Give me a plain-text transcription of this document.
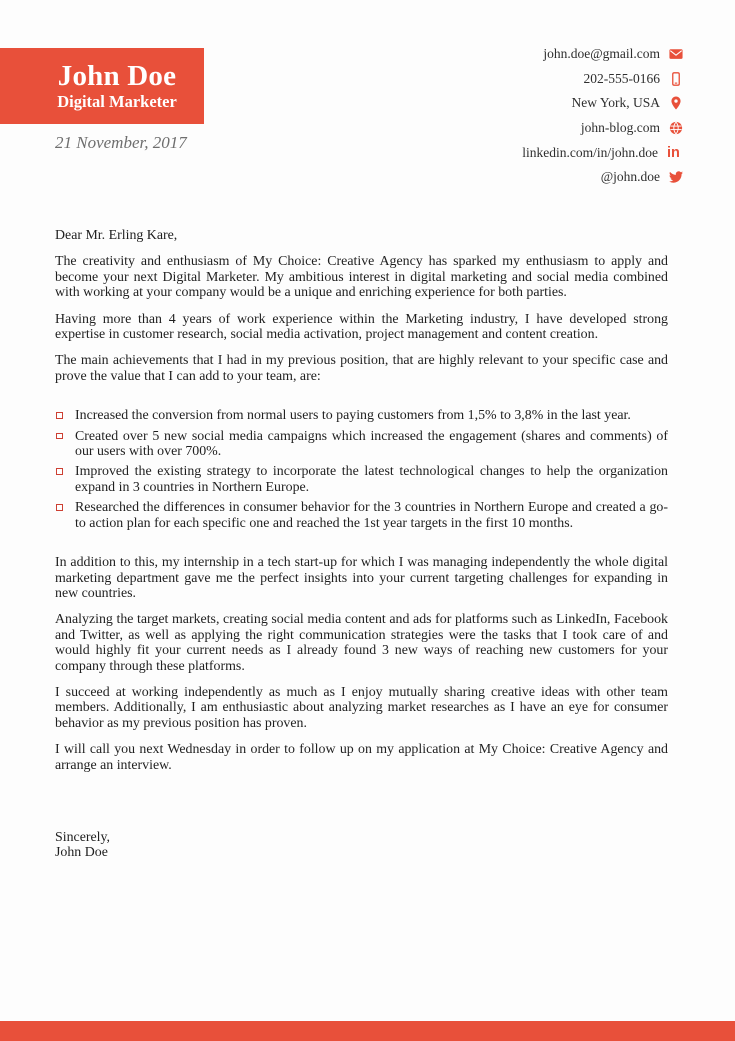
John Doe
Digital Marketer
21 November, 2017
john.doe@gmail.com
202-555-0166
New York, USA
john-blog.com
linkedin.com/in/john.doe in
@john.doe

Dear Mr. Erling Kare,

The creativity and enthusiasm of My Choice: Creative Agency has sparked my enthusiasm to apply and become your next Digital Marketer. My ambitious interest in digital marketing and social media combined with working at your company would be a unique and enriching experience for both parties.

Having more than 4 years of work experience within the Marketing industry, I have developed strong expertise in customer research, social media activation, project management and content creation.

The main achievements that I had in my previous position, that are highly relevant to your specific case and prove the value that I can add to your team, are:

Increased the conversion from normal users to paying customers from 1,5% to 3,8% in the last year.
Created over 5 new social media campaigns which increased the engagement (shares and comments) of our users with over 700%.
Improved the existing strategy to incorporate the latest technological changes to help the organization expand in 3 countries in Northern Europe.
Researched the differences in consumer behavior for the 3 countries in Northern Europe and created a go-to action plan for each specific one and reached the 1st year targets in the first 10 months.

In addition to this, my internship in a tech start-up for which I was managing independently the whole digital marketing department gave me the perfect insights into your current targeting challenges for expanding in new countries.

Analyzing the target markets, creating social media content and ads for platforms such as LinkedIn, Facebook and Twitter, as well as applying the right communication strategies were the tasks that I took care of and would highly fit your current needs as I already found 3 new ways of reaching new customers for your company through these platforms.

I succeed at working independently as much as I enjoy mutually sharing creative ideas with other team members. Additionally, I am enthusiastic about analyzing market researches as I have an eye for consumer behavior as my previous position has proven.

I will call you next Wednesday in order to follow up on my application at My Choice: Creative Agency and arrange an interview.

Sincerely,

John Doe
